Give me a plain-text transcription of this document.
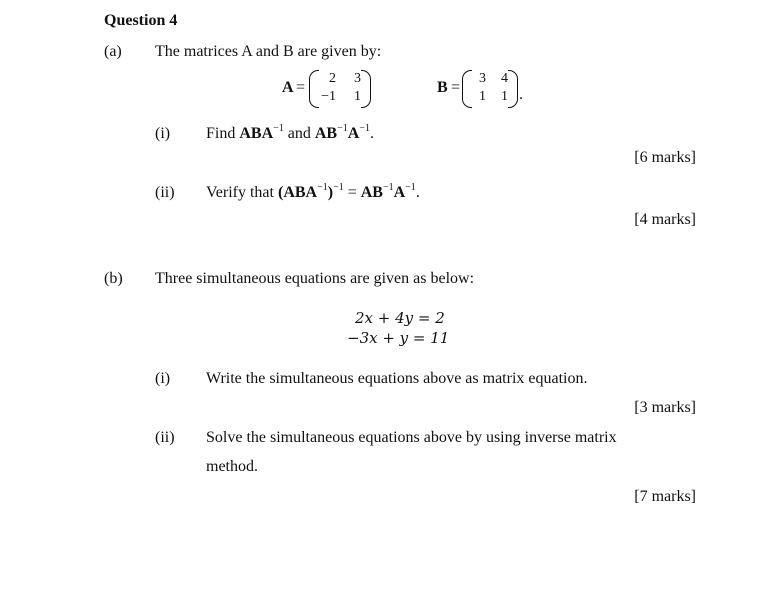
Question 4
(a) The matrices A and B are given by:
A =
2	3
−1	1
B =
3	4
1	1 .
(i) Find $ABA^{-1}$ and $AB^{-1}A^{-1}$.
[6 marks]
(ii) Verify that $(ABA^{-1})^{-1} = AB^{-1}A^{-1}$.
[4 marks]
(b) Three simultaneous equations are given as below:
2x + 4y = 2
−3x + y = 11
(i) Write the simultaneous equations above as matrix equation.
[3 marks]
(ii) Solve the simultaneous equations above by using inverse matrix
method.
[7 marks]
